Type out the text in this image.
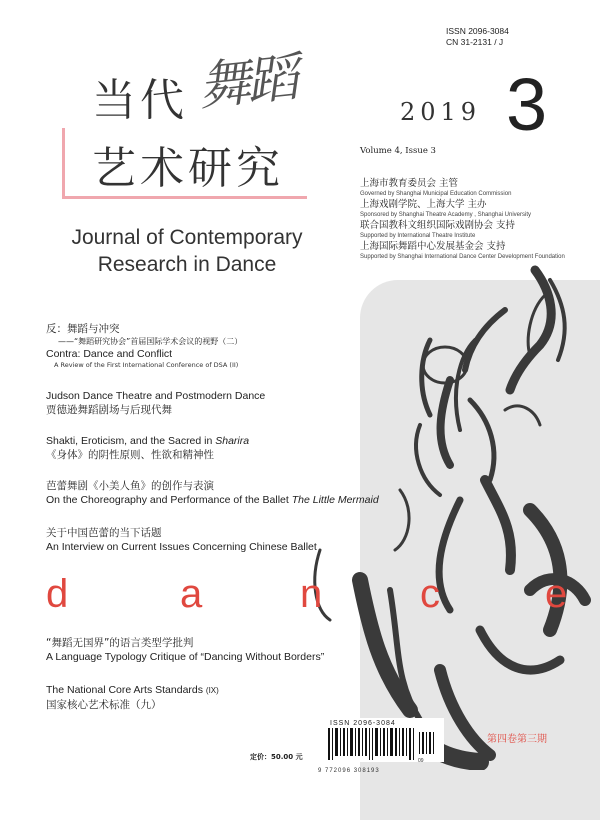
当代 舞蹈
艺术研究
Journal of Contemporary
Research in Dance
ISSN 2096-3084
CN 31-2131 / J
2019 3
Volume 4, Issue 3
上海市教育委员会 主管
Governed by Shanghai Municipal Education Commission
上海戏剧学院、上海大学 主办
Sponsored by Shanghai Theatre Academy , Shanghai University
联合国教科文组织国际戏剧协会 支持
Supported by International Theatre Institute
上海国际舞蹈中心发展基金会 支持
Supported by Shanghai International Dance Center Development Foundation
反：舞蹈与冲突
——“舞蹈研究协会”首届国际学术会议的视野（二）
Contra: Dance and Conflict
A Review of the First International Conference of DSA (II)
Judson Dance Theatre and Postmodern Dance
贾德逊舞蹈剧场与后现代舞
Shakti, Eroticism, and the Sacred in Sharira
《身体》的阴性原则、性欲和精神性
芭蕾舞剧《小美人鱼》的创作与表演
On the Choreography and Performance of the Ballet The Little Mermaid
关于中国芭蕾的当下话题
An Interview on Current Issues Concerning Chinese Ballet
d	a n c	e
“舞蹈无国界”的语言类型学批判
A Language Typology Critique of “Dancing Without Borders”
The National Core Arts Standards (IX)
国家核心艺术标准（九）
ISSN 2096-3084
9 772096 308193
09
定价：50.00 元
第四卷第三期
